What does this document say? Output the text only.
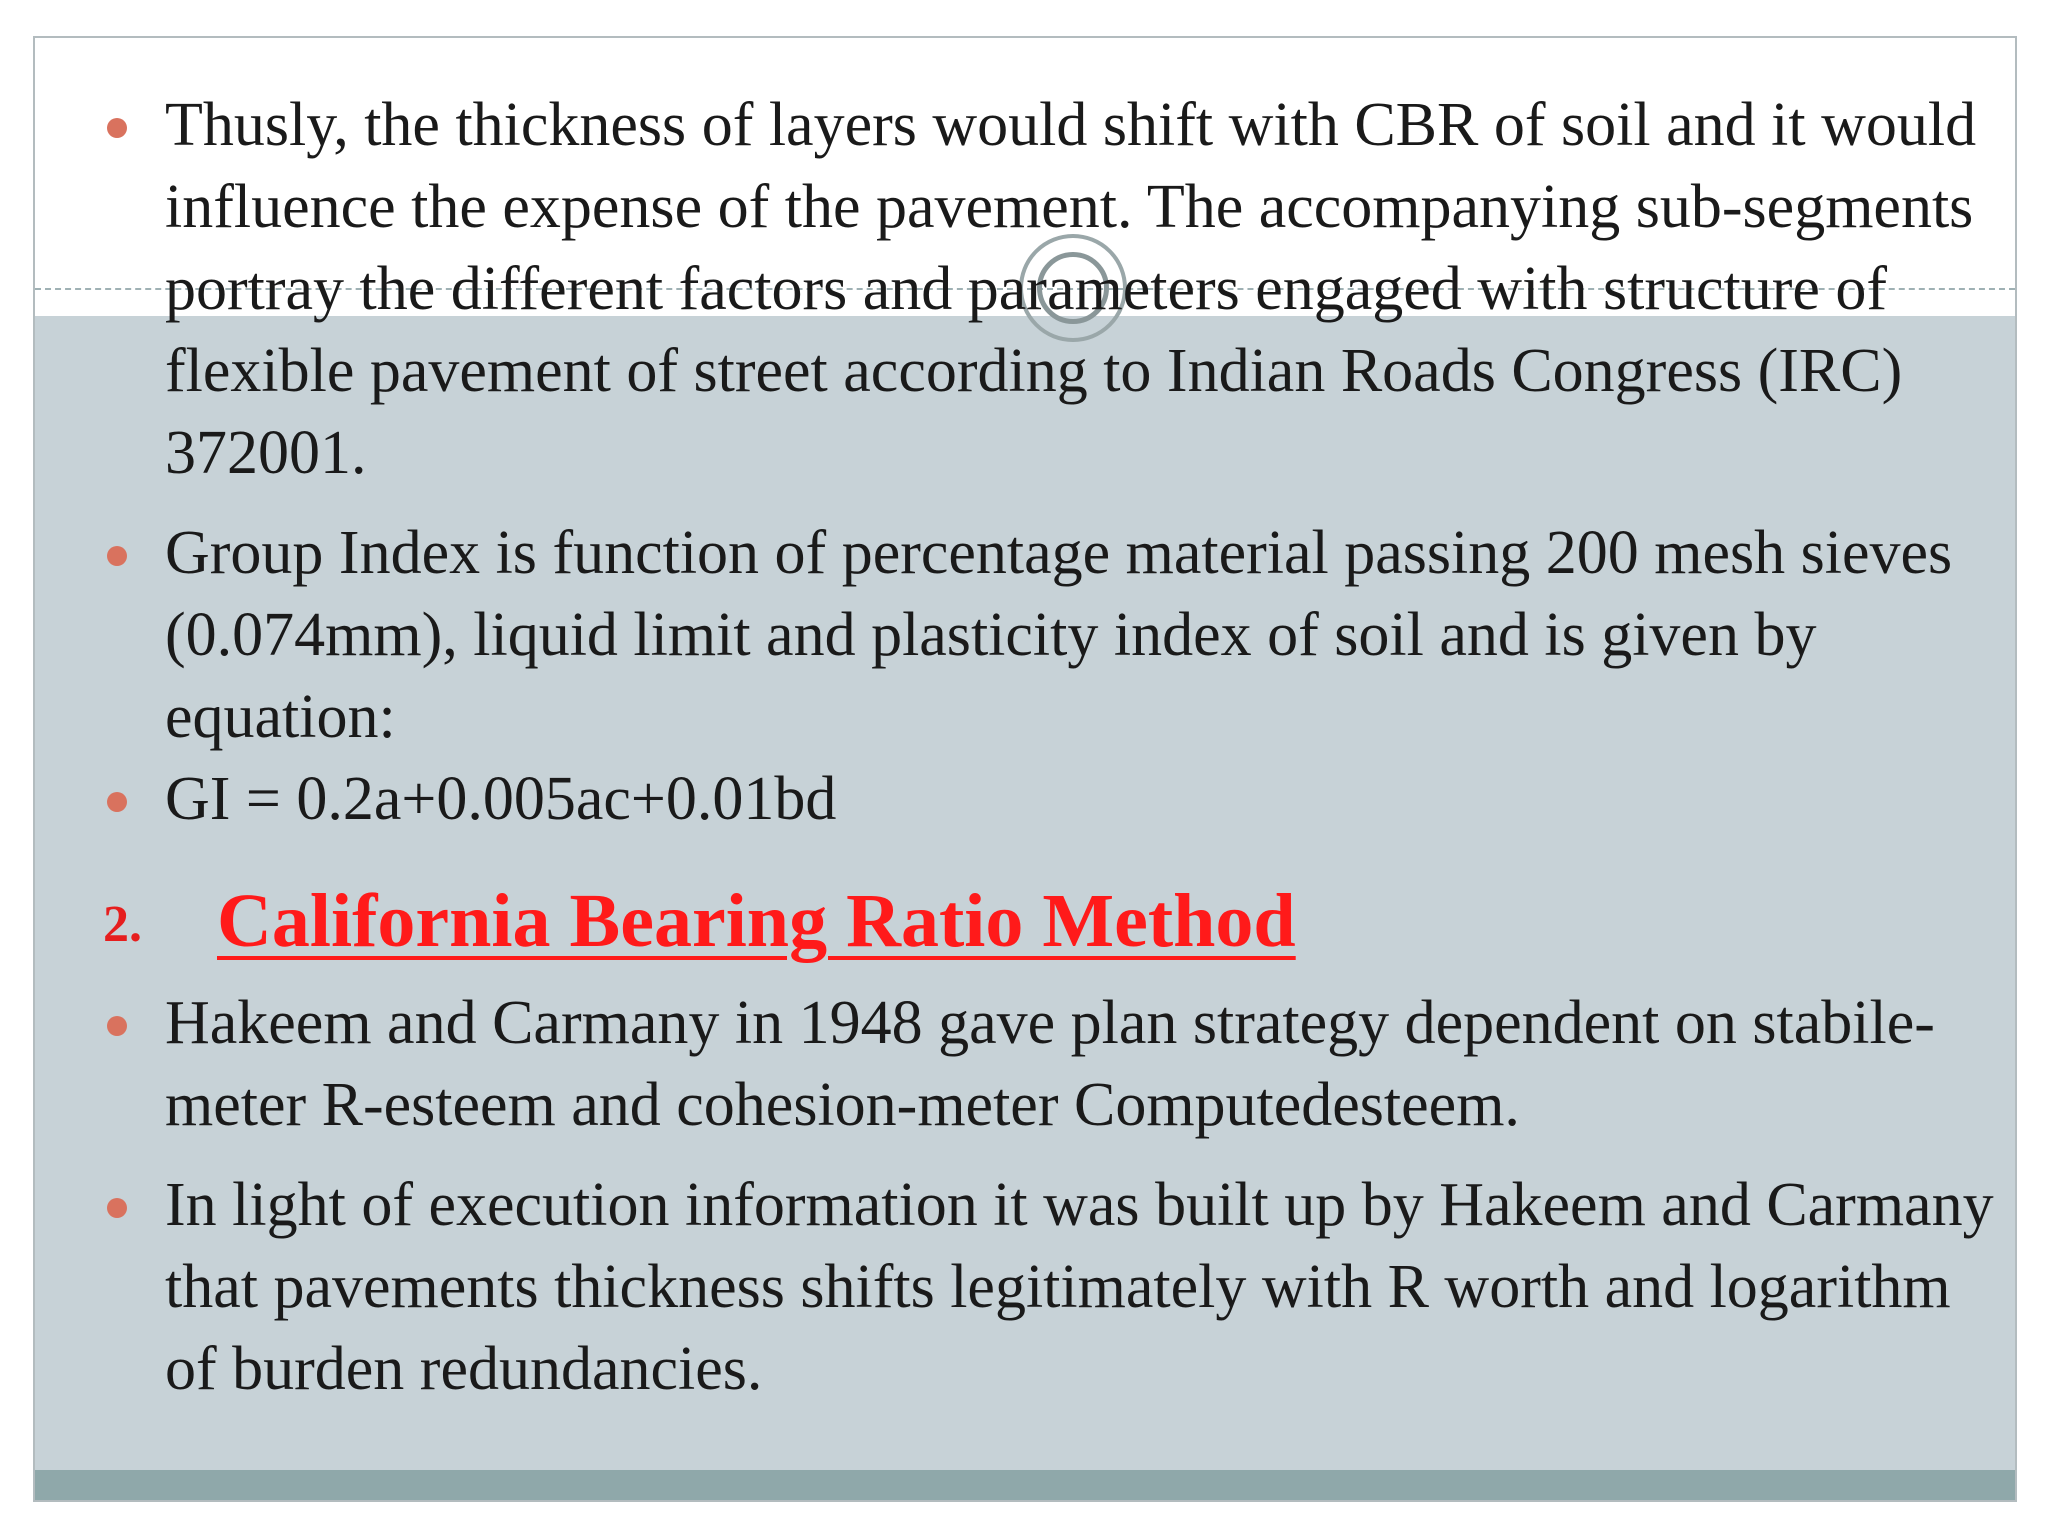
Thusly, the thickness of layers would shift with CBR of soil and it would influence the expense of the pavement. The accompanying sub-segments portray the different factors and parameters engaged with structure of flexible pavement of street according to Indian Roads Congress (IRC) 372001.
Group Index is function of percentage material passing 200 mesh sieves (0.074mm), liquid limit and plasticity index of soil and is given by equation:
GI = 0.2a+0.005ac+0.01bd
2. California Bearing Ratio Method
Hakeem and Carmany in 1948 gave plan strategy dependent on stabile-meter R-esteem and cohesion-meter Computedesteem.
In light of execution information it was built up by Hakeem and Carmany that pavements thickness shifts legitimately with R worth and logarithm of burden redundancies.
